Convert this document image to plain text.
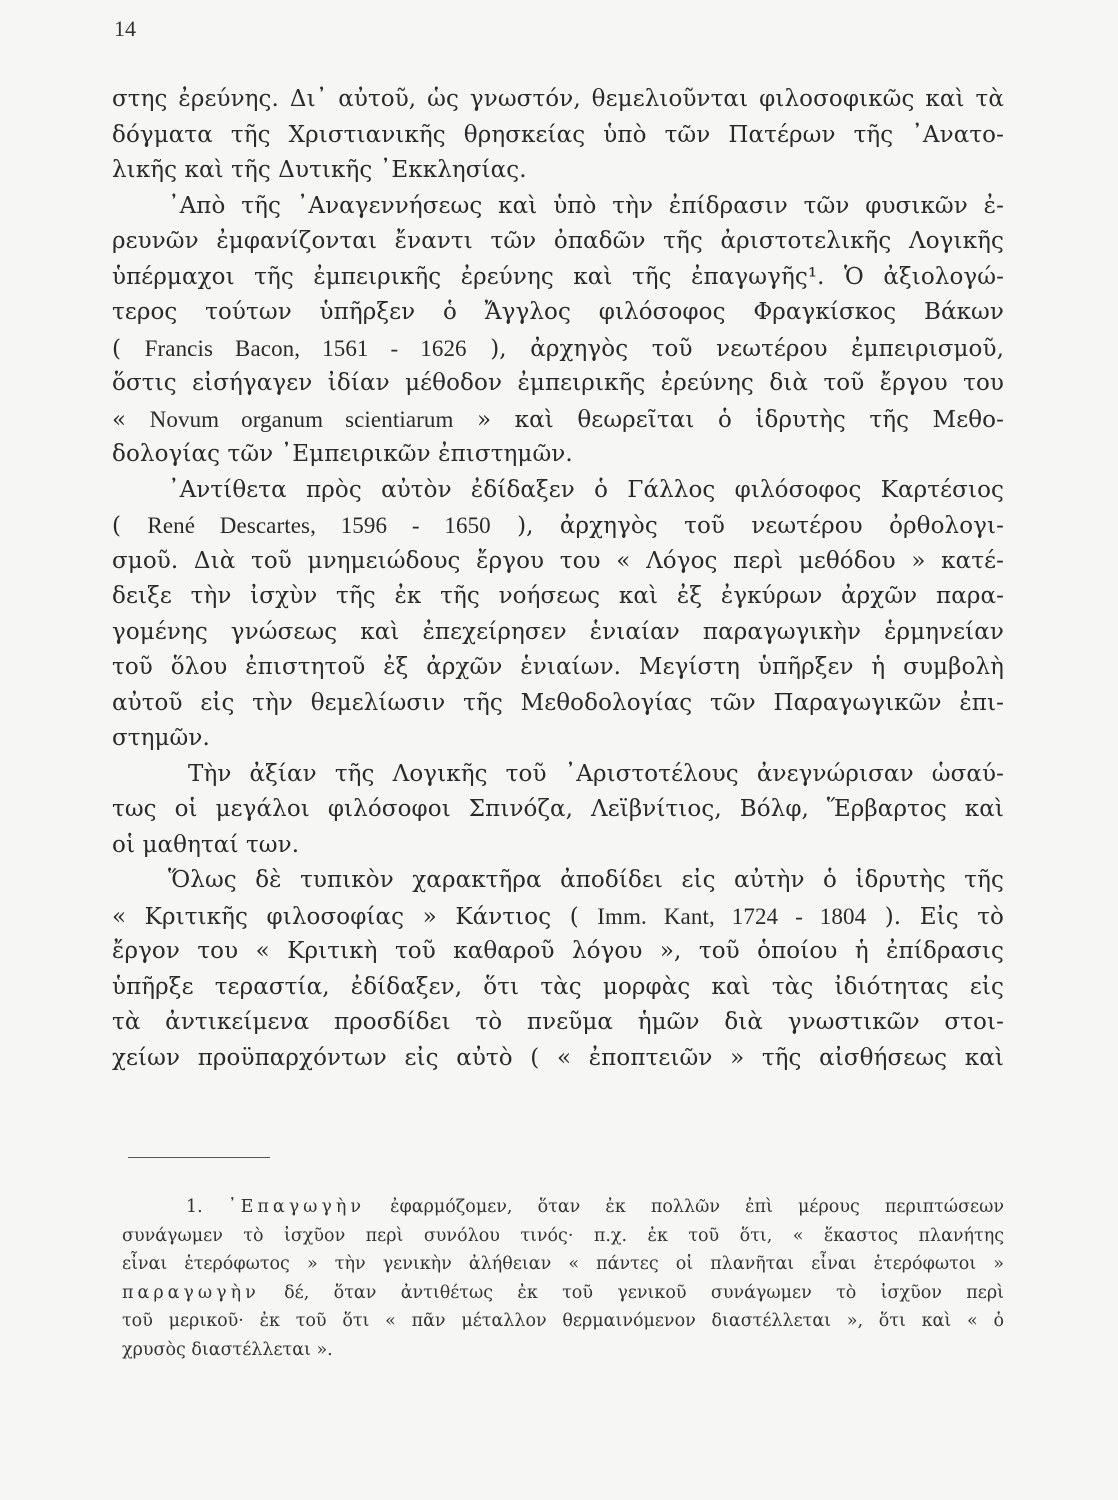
14
στης ἐρεύνης. Δι᾿ αὐτοῦ, ὡς γνωστόν, θεμελιοῦνται φιλοσοφικῶς καὶ τὰ
δόγματα τῆς Χριστιανικῆς θρησκείας ὑπὸ τῶν Πατέρων τῆς ᾿Ανατο-
λικῆς καὶ τῆς Δυτικῆς ᾿Εκκλησίας.
᾿Απὸ τῆς ᾿Αναγεννήσεως καὶ ὑπὸ τὴν ἐπίδρασιν τῶν φυσικῶν ἐ-
ρευνῶν ἐμφανίζονται ἔναντι τῶν ὀπαδῶν τῆς ἀριστοτελικῆς Λογικῆς
ὑπέρμαχοι τῆς ἐμπειρικῆς ἐρεύνης καὶ τῆς ἐπαγωγῆς¹. Ὁ ἀξιολογώ-
τερος τούτων ὑπῆρξεν ὁ Ἄγγλος φιλόσοφος Φραγκίσκος Βάκων
( Francis Bacon, 1561 - 1626 ), ἀρχηγὸς τοῦ νεωτέρου ἐμπειρισμοῦ,
ὅστις εἰσήγαγεν ἰδίαν μέθοδον ἐμπειρικῆς ἐρεύνης διὰ τοῦ ἔργου του
« Novum organum scientiarum » καὶ θεωρεῖται ὁ ἱδρυτὴς τῆς Μεθο-
δολογίας τῶν ᾿Εμπειρικῶν ἐπιστημῶν.
᾿Αντίθετα πρὸς αὐτὸν ἐδίδαξεν ὁ Γάλλος φιλόσοφος Καρτέσιος
( René Descartes, 1596 - 1650 ), ἀρχηγὸς τοῦ νεωτέρου ὀρθολογι-
σμοῦ. Διὰ τοῦ μνημειώδους ἔργου του « Λόγος περὶ μεθόδου » κατέ-
δειξε τὴν ἰσχὺν τῆς ἐκ τῆς νοήσεως καὶ ἐξ ἐγκύρων ἀρχῶν παρα-
γομένης γνώσεως καὶ ἐπεχείρησεν ἑνιαίαν παραγωγικὴν ἑρμηνείαν
τοῦ ὅλου ἐπιστητοῦ ἐξ ἀρχῶν ἑνιαίων. Μεγίστη ὑπῆρξεν ἡ συμβολὴ
αὐτοῦ εἰς τὴν θεμελίωσιν τῆς Μεθοδολογίας τῶν Παραγωγικῶν ἐπι-
στημῶν.
Τὴν ἀξίαν τῆς Λογικῆς τοῦ ᾿Αριστοτέλους ἀνεγνώρισαν ὡσαύ-
τως οἱ μεγάλοι φιλόσοφοι Σπινόζα, Λεϊβνίτιος, Βόλφ, Ἕρβαρτος καὶ
οἱ μαθηταί των.
Ὅλως δὲ τυπικὸν χαρακτῆρα ἀποδίδει εἰς αὐτὴν ὁ ἱδρυτὴς τῆς
« Κριτικῆς φιλοσοφίας » Κάντιος ( Imm. Kant, 1724 - 1804 ). Εἰς τὸ
ἔργον του « Κριτικὴ τοῦ καθαροῦ λόγου », τοῦ ὁποίου ἡ ἐπίδρασις
ὑπῆρξε τεραστία, ἐδίδαξεν, ὅτι τὰς μορφὰς καὶ τὰς ἰδιότητας εἰς
τὰ ἀντικείμενα προσδίδει τὸ πνεῦμα ἡμῶν διὰ γνωστικῶν στοι-
χείων προϋπαρχόντων εἰς αὐτὸ ( « ἐποπτειῶν » τῆς αἰσθήσεως καὶ
1. ᾿Επαγωγὴν ἐφαρμόζομεν, ὅταν ἐκ πολλῶν ἐπὶ μέρους περιπτώσεων
συνάγωμεν τὸ ἰσχῦον περὶ συνόλου τινός· π.χ. ἐκ τοῦ ὅτι, « ἕκαστος πλανήτης
εἶναι ἑτερόφωτος » τὴν γενικὴν ἀλήθειαν « πάντες οἱ πλανῆται εἶναι ἑτερόφωτοι »
παραγωγὴν δέ, ὅταν ἀντιθέτως ἐκ τοῦ γενικοῦ συνάγωμεν τὸ ἰσχῦον περὶ
τοῦ μερικοῦ· ἐκ τοῦ ὅτι « πᾶν μέταλλον θερμαινόμενον διαστέλλεται », ὅτι καὶ « ὁ
χρυσὸς διαστέλλεται ».
